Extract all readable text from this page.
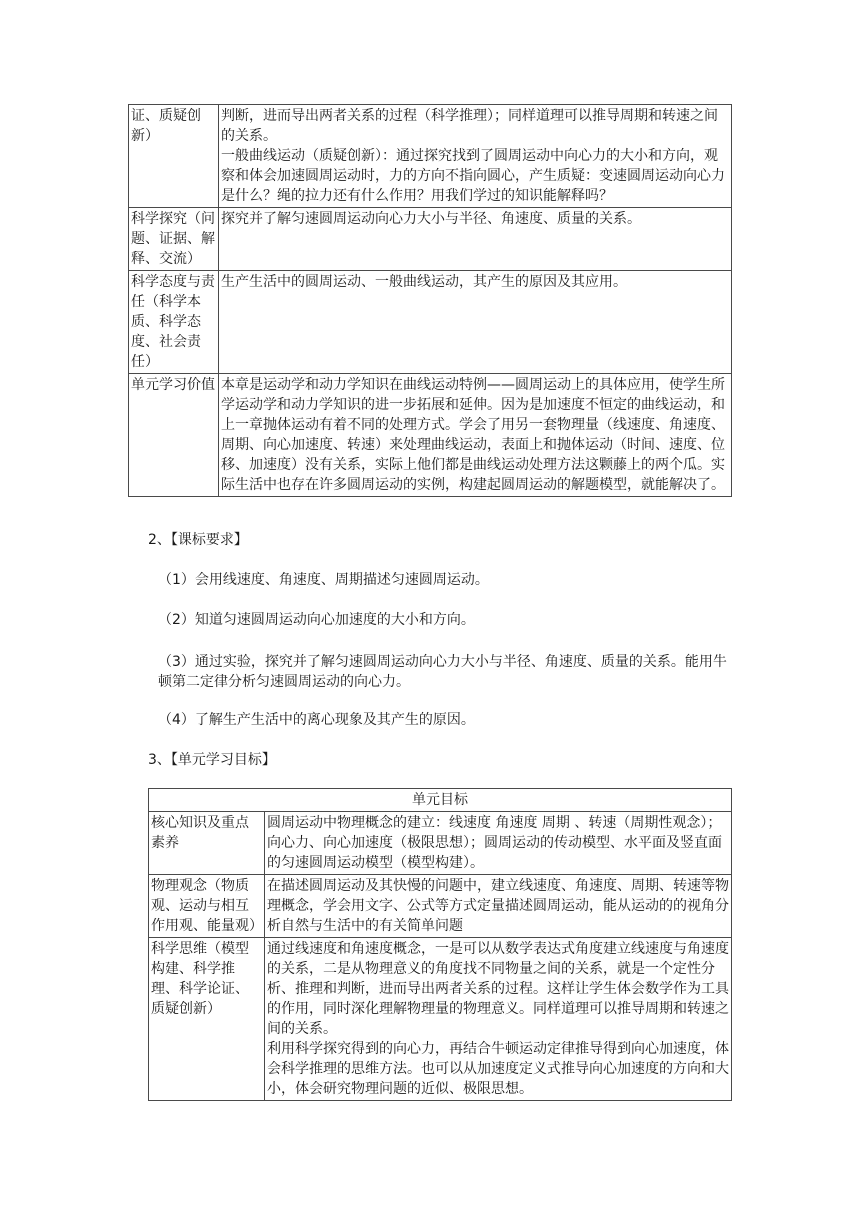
证、质疑创新）	判断，进而导出两者关系的过程（科学推理）；同样道理可以推导周期和转速之间的关系。

一般曲线运动（质疑创新）：通过探究找到了圆周运动中向心力的大小和方向，观察和体会加速圆周运动时，力的方向不指向圆心，产生质疑：变速圆周运动向心力是什么？绳的拉力还有什么作用？用我们学过的知识能解释吗？

科学探究（问题、证据、解释、交流）	探究并了解匀速圆周运动向心力大小与半径、角速度、质量的关系。

科学态度与责任（科学本质、科学态度、社会责任）	生产生活中的圆周运动、一般曲线运动，其产生的原因及其应用。

单元学习价值	本章是运动学和动力学知识在曲线运动特例——圆周运动上的具体应用，使学生所学运动学和动力学知识的进一步拓展和延伸。因为是加速度不恒定的曲线运动，和上一章抛体运动有着不同的处理方式。学会了用另一套物理量（线速度、角速度、周期、向心加速度、转速）来处理曲线运动，表面上和抛体运动（时间、速度、位移、加速度）没有关系，实际上他们都是曲线运动处理方法这颗藤上的两个瓜。实际生活中也存在许多圆周运动的实例，构建起圆周运动的解题模型，就能解决了。

2、【课标要求】
（1）会用线速度、角速度、周期描述匀速圆周运动。
（2）知道匀速圆周运动向心加速度的大小和方向。
（3）通过实验，探究并了解匀速圆周运动向心力大小与半径、角速度、质量的关系。能用牛顿第二定律分析匀速圆周运动的向心力。
（4）了解生产生活中的离心现象及其产生的原因。
3、【单元学习目标】
单元目标	
核心知识及重点素养	圆周运动中物理概念的建立：线速度 角速度 周期 、转速（周期性观念）；向心力、向心加速度（极限思想）；圆周运动的传动模型、水平面及竖直面的匀速圆周运动模型（模型构建）。

物理观念（物质观、运动与相互作用观、能量观）	在描述圆周运动及其快慢的问题中，建立线速度、角速度、周期、转速等物理概念，学会用文字、公式等方式定量描述圆周运动，能从运动的的视角分析自然与生活中的有关简单问题

科学思维（模型构建、科学推理、科学论证、质疑创新）	通过线速度和角速度概念，一是可以从数学表达式角度建立线速度与角速度的关系，二是从物理意义的角度找不同物量之间的关系，就是一个定性分析、推理和判断，进而导出两者关系的过程。这样让学生体会数学作为工具的作用，同时深化理解物理量的物理意义。同样道理可以推导周期和转速之间的关系。

利用科学探究得到的向心力，再结合牛顿运动定律推导得到向心加速度，体会科学推理的思维方法。也可以从加速度定义式推导向心加速度的方向和大小，体会研究物理问题的近似、极限思想。
